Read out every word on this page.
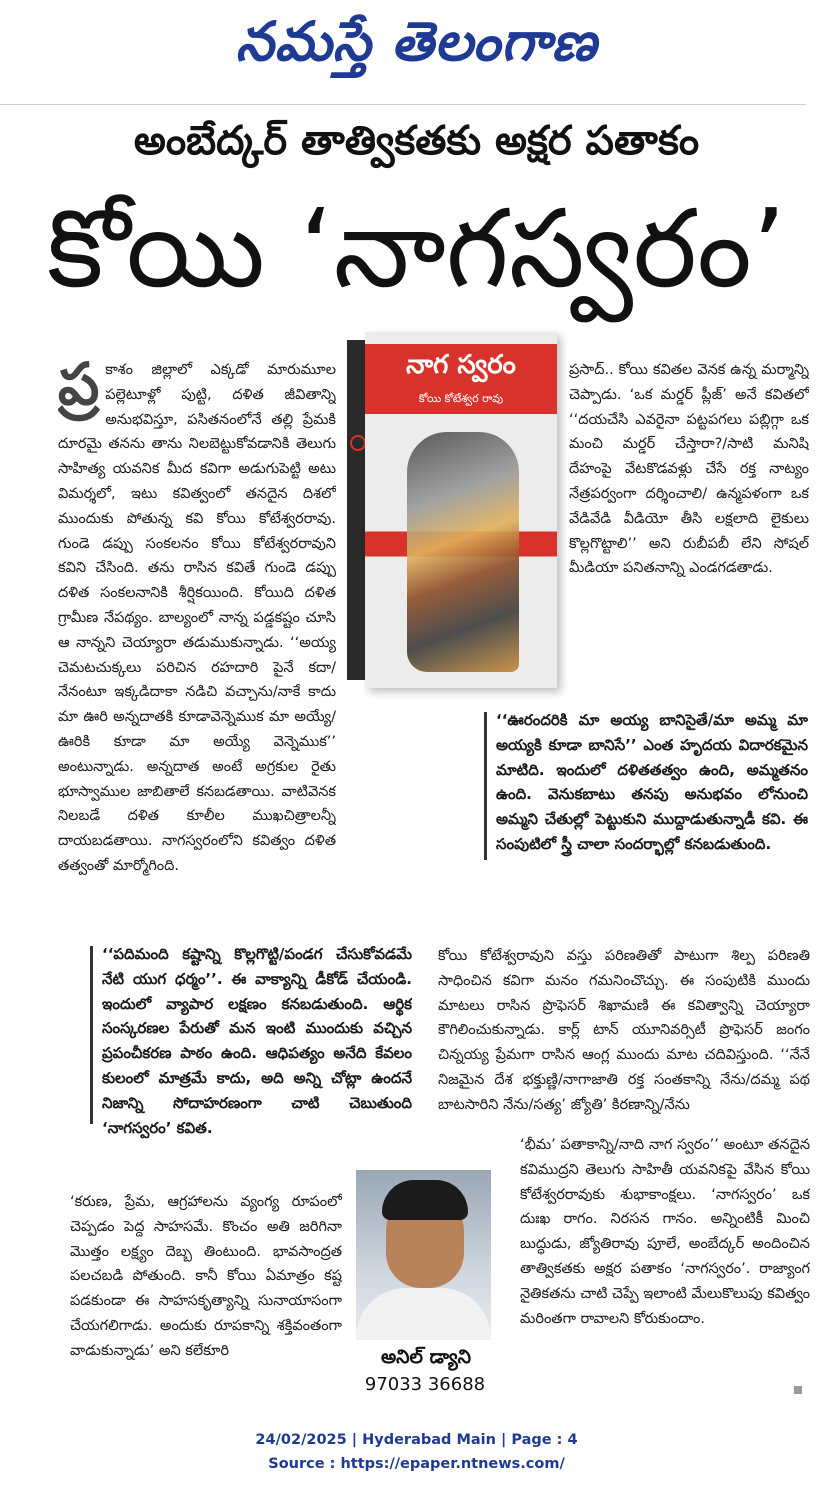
నమస్తే తెలంగాణ
అంబేద్కర్ తాత్వికతకు అక్షర పతాకం
కోయి ‘నాగస్వరం’
ప్ర కాశం జిల్లాలో ఎక్కడో మారుమూల పల్లెటూళ్లో పుట్టి, దళిత జీవితాన్ని అనుభవిస్తూ, పసితనంలోనే తల్లి ప్రేమకి దూరమై తనను తాను నిలబెట్టుకోవడానికి తెలుగు సాహిత్య యవనిక మీద కవిగా అడుగుపెట్టి అటు విమర్శలో, ఇటు కవిత్వంలో తనదైన దిశలో ముందుకు పోతున్న కవి కోయి కోటేశ్వరరావు. గుండె డప్పు సంకలనం కోయి కోటేశ్వరరావుని కవిని చేసింది. తను రాసిన కవితే గుండె డప్పు దళిత సంకలనానికి శీర్షికయింది. కోయిది దళిత గ్రామీణ నేపథ్యం. బాల్యంలో నాన్న పడ్డకష్టం చూసి ఆ నాన్నని చెయ్యారా తడుముకున్నాడు. ‘‘అయ్య చెమటచుక్కలు పరిచిన రహదారి పైనే కదా/నేనంటూ ఇక్కడిదాకా నడిచి వచ్చాను/నాకే కాదు మా ఊరి అన్నదాతకి కూడావెన్నెముక మా అయ్యే/ ఊరికి కూడా మా అయ్యే వెన్నెముక’’ అంటున్నాడు. అన్నదాత అంటే అగ్రకుల రైతు భూస్వాముల జాబితాలే కనబడతాయి. వాటివెనక నిలబడే దళిత కూలీల ముఖచిత్రాలన్నీ దాయబడతాయి. నాగస్వరంలోని కవిత్వం దళిత తత్వంతో మార్మోగింది.
నాగ స్వరం
కోయి కోటేశ్వర రావు
ప్రసాద్.. కోయి కవితల వెనక ఉన్న మర్మాన్ని చెప్పాడు. ‘ఒక మర్డర్ ప్లీజ్’ అనే కవితలో ‘‘దయచేసి ఎవరైనా పట్టపగలు పబ్లిగ్గా ఒక మంచి మర్డర్ చేస్తారా?/సాటి మనిషి దేహంపై వేటకొడవళ్లు చేసే రక్త నాట్యం నేత్రపర్వంగా దర్శించాలి/ ఉన్మపళంగా ఒక వేడివేడి వీడియో తీసి లక్షలాది లైకులు కొల్లగొట్టాలి’’ అని రుబీపబీ లేని సోషల్ మీడియా పనితనాన్ని ఎండగడతాడు.
‘‘ఊరందరికి మా అయ్య బానిసైతే/మా అమ్మ మా అయ్యకి కూడా బానిసే’’ ఎంత హృదయ విదారకమైన మాటిది. ఇందులో దళితతత్వం ఉంది, అమ్మతనం ఉంది. వెనుకబాటు తనపు అనుభవం లోనుంచి అమ్మని చేతుల్లో పెట్టుకుని ముద్దాడుతున్నాడీ కవి. ఈ సంపుటిలో స్త్రీ చాలా సందర్భాల్లో కనబడుతుంది.
‘‘పదిమంది కష్టాన్ని కొల్లగొట్టి/పండగ చేసుకోవడమే నేటి యుగ ధర్మం’’. ఈ వాక్యాన్ని డీకోడ్ చేయండి. ఇందులో వ్యాపార లక్షణం కనబడుతుంది. ఆర్థిక సంస్కరణల పేరుతో మన ఇంటి ముందుకు వచ్చిన ప్రపంచీకరణ పాఠం ఉంది. ఆధిపత్యం అనేది కేవలం కులంలో మాత్రమే కాదు, అది అన్ని చోట్లా ఉందనే నిజాన్ని సోదాహరణంగా చాటి చెబుతుంది ‘నాగస్వరం’ కవిత.
కోయి కోటేశ్వరావుని వస్తు పరిణతితో పాటుగా శిల్ప పరిణతి సాధించిన కవిగా మనం గమనించొచ్చు. ఈ సంపుటికి ముందు మాటలు రాసిన ప్రొఫెసర్ శిఖామణి ఈ కవిత్వాన్ని చెయ్యారా కౌగిలించుకున్నాడు. కార్ల్ టాన్ యూనివర్సిటీ ప్రొఫెసర్ జంగం చిన్నయ్య ప్రేమగా రాసిన ఆంగ్ల ముందు మాట చదివిస్తుంది. ‘‘నేనే నిజమైన దేశ భక్తుణ్ణి/నాగాజాతి రక్త సంతకాన్ని నేను/దమ్మ పథ బాటసారిని నేను/సత్య’ జ్యోతి’ కిరణాన్ని/నేను
‘కరుణ, ప్రేమ, ఆగ్రహాలను వ్యంగ్య రూపంలో చెప్పడం పెద్ద సాహసమే. కొంచం అతి జరిగినా మొత్తం లక్ష్యం దెబ్బ తింటుంది. భావసాంద్రత పలచబడి పోతుంది. కానీ కోయి ఏమాత్రం కష్ట పడకుండా ఈ సాహసకృత్యాన్ని సునాయాసంగా చేయగలిగాడు. అందుకు రూపకాన్ని శక్తివంతంగా వాడుకున్నాడు’ అని కలేకూరి	అనిల్ డ్యాని
97033 36688
‘భీమ’ పతాకాన్ని/నాది నాగ స్వరం’’ అంటూ తనదైన కవిముద్రని తెలుగు సాహితీ యవనికపై వేసిన కోయి కోటేశ్వరరావుకు శుభాకాంక్షలు. ‘నాగస్వరం’ ఒక దుఃఖ రాగం. నిరసన గానం. అన్నింటికీ మించి బుద్ధుడు, జ్యోతిరావు పూలే, అంబేద్కర్ అందించిన తాత్వికతకు అక్షర పతాకం ‘నాగస్వరం’. రాజ్యాంగ నైతికతను చాటి చెప్పే ఇలాంటి మేలుకొలుపు కవిత్వం మరింతగా రావాలని కోరుకుందాం.
24/02/2025 | Hyderabad Main | Page : 4
Source : https://epaper.ntnews.com/
